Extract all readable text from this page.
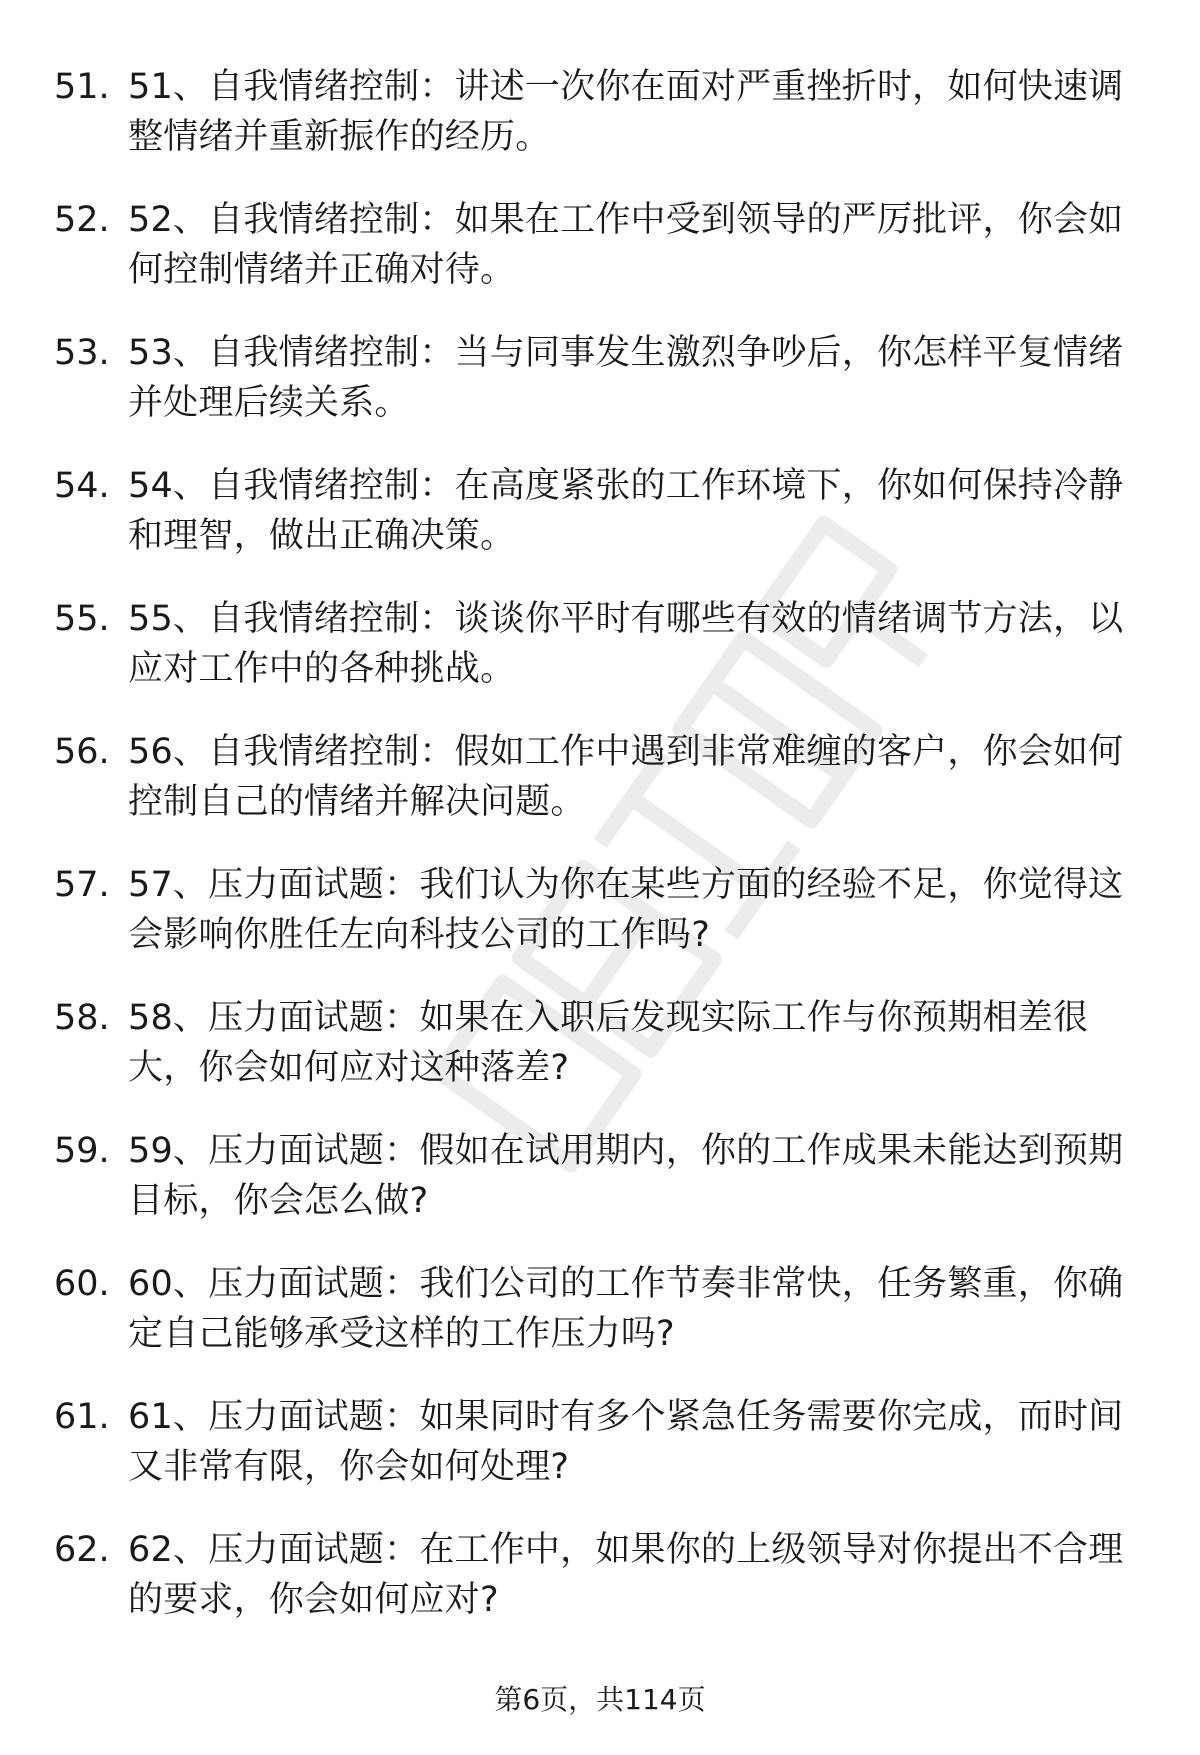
51. 51、自我情绪控制：讲述一次你在面对严重挫折时，如何快速调整情绪并重新振作的经历。
52. 52、自我情绪控制：如果在工作中受到领导的严厉批评，你会如何控制情绪并正确对待。
53. 53、自我情绪控制：当与同事发生激烈争吵后，你怎样平复情绪并处理后续关系。
54. 54、自我情绪控制：在高度紧张的工作环境下，你如何保持冷静和理智，做出正确决策。
55. 55、自我情绪控制：谈谈你平时有哪些有效的情绪调节方法，以应对工作中的各种挑战。
56. 56、自我情绪控制：假如工作中遇到非常难缠的客户，你会如何控制自己的情绪并解决问题。
57. 57、压力面试题：我们认为你在某些方面的经验不足，你觉得这会影响你胜任左向科技公司的工作吗?
58. 58、压力面试题：如果在入职后发现实际工作与你预期相差很大，你会如何应对这种落差?
59. 59、压力面试题：假如在试用期内，你的工作成果未能达到预期目标，你会怎么做?
60. 60、压力面试题：我们公司的工作节奏非常快，任务繁重，你确定自己能够承受这样的工作压力吗?
61. 61、压力面试题：如果同时有多个紧急任务需要你完成，而时间又非常有限，你会如何处理?
62. 62、压力面试题：在工作中，如果你的上级领导对你提出不合理的要求，你会如何应对?
第6页，共114页
